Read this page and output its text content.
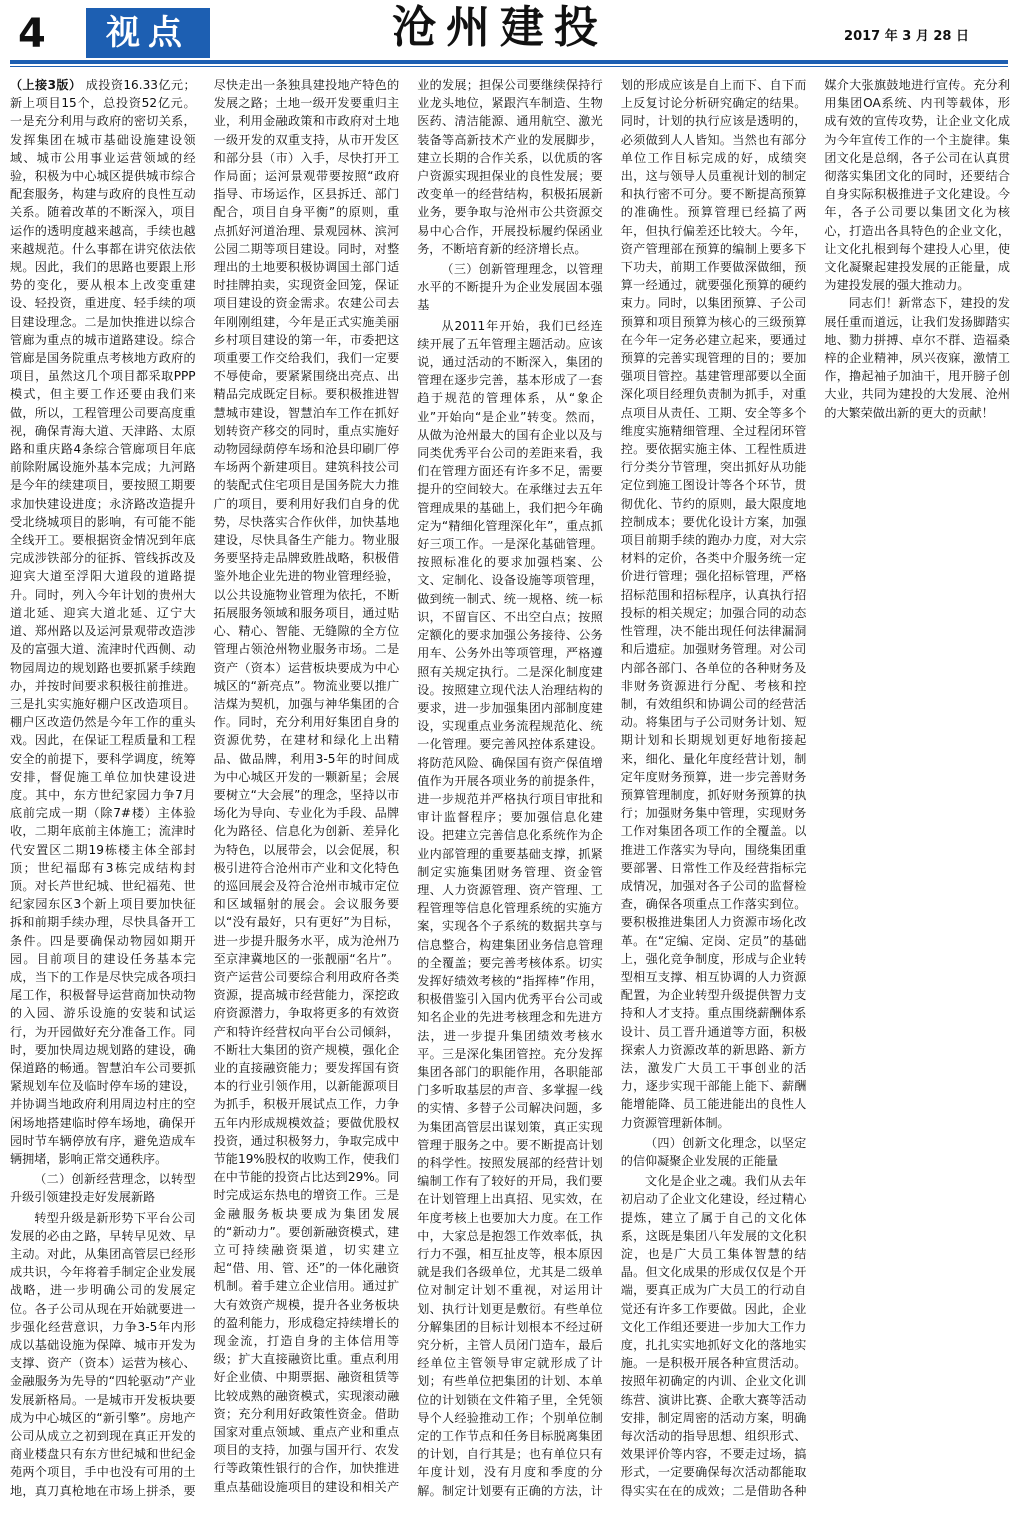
4	视点	沧州建投	2017 年 3 月 28 日

（上接3版） 成投资16.33亿元；新上项目15个，总投资52亿元。一是充分利用与政府的密切关系，发挥集团在城市基础设施建设领域、城市公用事业运营领域的经验，积极为中心城区提供城市综合配套服务，构建与政府的良性互动关系。随着改革的不断深入，项目运作的透明度越来越高，手续也越来越规范。什么事都在讲究依法依规。因此，我们的思路也要跟上形势的变化，要从根本上改变重建设、轻投资，重进度、轻手续的项目建设理念。二是加快推进以综合管廊为重点的城市道路建设。综合管廊是国务院重点考核地方政府的项目，虽然这几个项目都采取PPP模式，但主要工作还要由我们来做，所以，工程管理公司要高度重视，确保青海大道、天津路、太原路和重庆路4条综合管廊项目年底前除附属设施外基本完成；九河路是今年的续建项目，要按照工期要求加快建设进度；永济路改造提升受北绕城项目的影响，有可能不能全线开工。要根据资金情况到年底完成涉铁部分的征拆、管线拆改及迎宾大道至浮阳大道段的道路提升。同时，列入今年计划的贵州大道北延、迎宾大道北延、辽宁大道、郑州路以及运河景观带改造涉及的富强大道、流津时代西侧、动物园周边的规划路也要抓紧手续跑办，并按时间要求积极往前推进。三是扎实实施好棚户区改造项目。棚户区改造仍然是今年工作的重头戏。因此，在保证工程质量和工程安全的前提下，要科学调度，统筹安排，督促施工单位加快建设进度。其中，东方世纪家园力争7月底前完成一期（除7#楼）主体验收，二期年底前主体施工；流津时代安置区二期19栋楼主体全部封顶；世纪福邸有3栋完成结构封顶。对长芦世纪城、世纪福苑、世纪家园东区3个新上项目要加快征拆和前期手续办理，尽快具备开工条件。四是要确保动物园如期开园。目前项目的建设任务基本完成，当下的工作是尽快完成各项扫尾工作，积极督导运营商加快动物的入园、游乐设施的安装和试运行，为开园做好充分准备工作。同时，要加快周边规划路的建设，确保道路的畅通。智慧泊车公司要抓紧规划车位及临时停车场的建设，并协调当地政府利用周边村庄的空闲场地搭建临时停车场地，确保开园时节车辆停放有序，避免造成车辆拥堵，影响正常交通秩序。

（二）创新经营理念，以转型升级引领建投走好发展新路

转型升级是新形势下平台公司发展的必由之路，早转早见效、早主动。对此，从集团高管层已经形成共识，今年将着手制定企业发展战略，进一步明确公司的发展定位。各子公司从现在开始就要进一步强化经营意识，力争3-5年内形成以基础设施为保障、城市开发为支撑、资产（资本）运营为核心、金融服务为先导的“四轮驱动”产业发展新格局。一是城市开发板块要成为中心城区的“新引擎”。房地产公司从成立之初到现在真正开发的商业楼盘只有东方世纪城和世纪金苑两个项目，手中也没有可用的土地，真刀真枪地在市场上拼杀，要尽快走出一条独具建投地产特色的发展之路；土地一级开发要重归主业，利用金融政策和市政府对土地一级开发的双重支持，从市开发区和部分县（市）入手，尽快打开工作局面；运河景观带要按照“政府指导、市场运作，区县拆迁、部门配合，项目自身平衡”的原则，重点抓好河道治理、景观园林、滨河公园二期等项目建设。同时，对整理出的土地要积极协调国土部门适时挂牌拍卖，实现资金回笼，保证项目建设的资金需求。农建公司去年刚刚组建，今年是正式实施美丽乡村项目建设的第一年，市委把这项重要工作交给我们，我们一定要不辱使命，要紧紧围绕出亮点、出精品完成既定目标。要积极推进智慧城市建设，智慧泊车工作在抓好划转资产移交的同时，重点实施好动物园绿荫停车场和沧县印刷厂停车场两个新建项目。建筑科技公司的装配式住宅项目是国务院大力推广的项目，要利用好我们自身的优势，尽快落实合作伙伴，加快基地建设，尽快具备生产能力。物业服务要坚持走品牌致胜战略，积极借鉴外地企业先进的物业管理经验，以公共设施物业管理为依托，不断拓展服务领域和服务项目，通过贴心、精心、智能、无缝隙的全方位管理占领沧州物业服务市场。二是资产（资本）运营板块要成为中心城区的“新亮点”。物流业要以推广洁煤为契机，加强与神华集团的合作。同时，充分利用好集团自身的资源优势，在建材和绿化上出精品、做品牌，利用3-5年的时间成为中心城区开发的一颗新星；会展要树立“大会展”的理念，坚持以市场化为导向、专业化为手段、品牌化为路径、信息化为创新、差异化为特色，以展带会，以会促展，积极引进符合沧州市产业和文化特色的巡回展会及符合沧州市城市定位和区域辐射的展会。会议服务要以“没有最好，只有更好”为目标，进一步提升服务水平，成为沧州乃至京津冀地区的一张靓丽“名片”。资产运营公司要综合利用政府各类资源，提高城市经营能力，深挖政府资源潜力，争取将更多的有效资产和特许经营权向平台公司倾斜，不断壮大集团的资产规模，强化企业的直接融资能力；要发挥国有资本的行业引领作用，以新能源项目为抓手，积极开展试点工作，力争五年内形成规模效益；要做优股权投资，通过积极努力，争取完成中节能19%股权的收购工作，使我们在中节能的投资占比达到29%。同时完成运东热电的增资工作。三是金融服务板块要成为集团发展的“新动力”。要创新融资模式，建立可持续融资渠道，切实建立起“借、用、管、还”的一体化融资机制。着手建立企业信用。通过扩大有效资产规模，提升各业务板块的盈利能力，形成稳定持续增长的现金流，打造自身的主体信用等级；扩大直接融资比重。重点利用好企业债、中期票据、融资租赁等比较成熟的融资模式，实现滚动融资；充分利用好政策性资金。借助国家对重点领域、重点产业和重点项目的支持，加强与国开行、农发行等政策性银行的合作，加快推进重点基础设施项目的建设和相关产业的发展；担保公司要继续保持行业龙头地位，紧跟汽车制造、生物医药、清洁能源、通用航空、激光装备等高新技术产业的发展脚步，建立长期的合作关系，以优质的客户资源实现担保业的良性发展；要改变单一的经营结构，积极拓展新业务，要争取与沧州市公共资源交易中心合作，开展投标履约保函业务，不断培育新的经济增长点。

（三）创新管理理念，以管理水平的不断提升为企业发展固本强基

从2011年开始，我们已经连续开展了五年管理主题活动。应该说，通过活动的不断深入，集团的管理在逐步完善，基本形成了一套趋于规范的管理体系，从“象企业”开始向“是企业”转变。然而，从做为沧州最大的国有企业以及与同类优秀平台公司的差距来看，我们在管理方面还有许多不足，需要提升的空间较大。在承继过去五年管理成果的基础上，我们把今年确定为“精细化管理深化年”，重点抓好三项工作。一是深化基础管理。按照标准化的要求加强档案、公文、定制化、设备设施等项管理，做到统一制式、统一规格、统一标识，不留盲区、不出空白点；按照定额化的要求加强公务接待、公务用车、公务外出等项管理，严格遵照有关规定执行。二是深化制度建设。按照建立现代法人治理结构的要求，进一步加强集团内部制度建设，实现重点业务流程规范化、统一化管理。要完善风控体系建设。将防范风险、确保国有资产保值增值作为开展各项业务的前提条件，进一步规范并严格执行项目审批和审计监督程序；要加强信息化建设。把建立完善信息化系统作为企业内部管理的重要基础支撑，抓紧制定实施集团财务管理、资金管理、人力资源管理、资产管理、工程管理等信息化管理系统的实施方案，实现各个子系统的数据共享与信息整合，构建集团业务信息管理的全覆盖；要完善考核体系。切实发挥好绩效考核的“指挥棒”作用，积极借鉴引入国内优秀平台公司或知名企业的先进考核理念和先进方法，进一步提升集团绩效考核水平。三是深化集团管控。充分发挥集团各部门的职能作用，各职能部门多听取基层的声音、多掌握一线的实情、多替子公司解决问题，多为集团高管层出谋划策，真正实现管理于服务之中。要不断提高计划的科学性。按照发展部的经营计划编制工作有了较好的开局，我们要在计划管理上出真招、见实效，在年度考核上也要加大力度。在工作中，大家总是抱怨工作效率低，执行力不强，相互扯皮等，根本原因就是我们各级单位，尤其是二级单位对制定计划不重视，对运用计划、执行计划更是敷衍。有些单位分解集团的目标计划根本不经过研究分析，主管人员闭门造车，最后经单位主管领导审定就形成了计划；有些单位把集团的计划、本单位的计划锁在文件箱子里，全凭领导个人经验推动工作；个别单位制定的工作节点和任务目标脱离集团的计划，自行其是；也有单位只有年度计划，没有月度和季度的分解。制定计划要有正确的方法，计划的形成应该是自上而下、自下而上反复讨论分析研究确定的结果。同时，计划的执行应该是透明的，必须做到人人皆知。当然也有部分单位工作目标完成的好，成绩突出，这与领导人员重视计划的制定和执行密不可分。要不断提高预算的准确性。预算管理已经搞了两年，但执行偏差还比较大。今年，资产管理部在预算的编制上要多下下功夫，前期工作要做深做细，预算一经通过，就要强化预算的硬约束力。同时，以集团预算、子公司预算和项目预算为核心的三级预算在今年一定务必建立起来，要通过预算的完善实现管理的目的；要加强项目管控。基建管理部要以全面深化项目经理负责制为抓手，对重点项目从责任、工期、安全等多个维度实施精细管理、全过程闭环管控。要依据实施主体、工程性质进行分类分节管理，突出抓好从功能定位到施工图设计等各个环节，贯彻优化、节约的原则，最大限度地控制成本；要优化设计方案，加强项目前期手续的跑办力度，对大宗材料的定价，各类中介服务统一定价进行管理；强化招标管理，严格招标范围和招标程序，认真执行招投标的相关规定；加强合同的动态性管理，决不能出现任何法律漏洞和后遗症。加强财务管理。对公司内部各部门、各单位的各种财务及非财务资源进行分配、考核和控制，有效组织和协调公司的经营活动。将集团与子公司财务计划、短期计划和长期规划更好地衔接起来，细化、量化年度经营计划，制定年度财务预算，进一步完善财务预算管理制度，抓好财务预算的执行；加强财务集中管理，实现财务工作对集团各项工作的全覆盖。以推进工作落实为导向，围绕集团重要部署、日常性工作及经营指标完成情况，加强对各子公司的监督检查，确保各项重点工作落实到位。要积极推进集团人力资源市场化改革。在“定编、定岗、定员”的基础上，强化竞争制度，形成与企业转型相互支撑、相互协调的人力资源配置，为企业转型升级提供智力支持和人才支持。重点围绕薪酬体系设计、员工晋升通道等方面，积极探索人力资源改革的新思路、新方法，激发广大员工干事创业的活力，逐步实现干部能上能下、薪酬能增能降、员工能进能出的良性人力资源管理新体制。

（四）创新文化理念，以坚定的信仰凝聚企业发展的正能量

文化是企业之魂。我们从去年初启动了企业文化建设，经过精心提炼，建立了属于自己的文化体系，这既是集团八年发展的文化积淀，也是广大员工集体智慧的结晶。但文化成果的形成仅仅是个开端，要真正成为广大员工的行动自觉还有许多工作要做。因此，企业文化工作组还要进一步加大工作力度，扎扎实实地抓好文化的落地实施。一是积极开展各种宣贯活动。按照年初确定的内训、企业文化训练营、演讲比赛、企歌大赛等活动安排，制定周密的活动方案，明确每次活动的指导思想、组织形式、效果评价等内容，不要走过场，搞形式，一定要确保每次活动都能取得实实在在的成效；二是借助各种媒介大张旗鼓地进行宣传。充分利用集团OA系统、内刊等载体，形成有效的宣传攻势，让企业文化成为今年宣传工作的一个主旋律。集团文化是总纲，各子公司在认真贯彻落实集团文化的同时，还要结合自身实际积极推进子文化建设。今年，各子公司要以集团文化为核心，打造出各具特色的企业文化，让文化扎根到每个建投人心里，使文化凝聚起建投发展的正能量，成为建投发展的强大推动力。

同志们！新常态下，建投的发展任重而道远，让我们发扬脚踏实地、勠力拼搏、卓尔不群、造福桑梓的企业精神，夙兴夜寐，激情工作，撸起袖子加油干，甩开膀子创大业，共同为建投的大发展、沧州的大繁荣做出新的更大的贡献！
